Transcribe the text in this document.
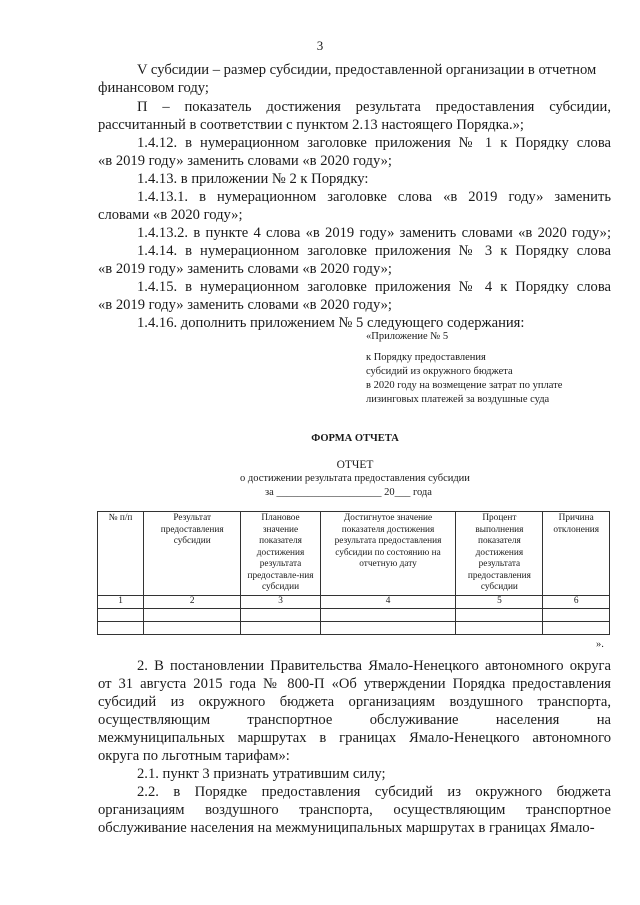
3
V субсидии – размер субсидии, предоставленной организации в отчетном
финансовом году;
П – показатель достижения результата предоставления субсидии,
рассчитанный в соответствии с пунктом 2.13 настоящего Порядка.»;
1.4.12. в нумерационном заголовке приложения № 1 к Порядку слова
«в 2019 году» заменить словами «в 2020 году»;
1.4.13. в приложении № 2 к Порядку:
1.4.13.1. в нумерационном заголовке слова «в 2019 году» заменить
словами «в 2020 году»;
1.4.13.2. в пункте 4 слова «в 2019 году» заменить словами «в 2020 году»;
1.4.14. в нумерационном заголовке приложения № 3 к Порядку слова
«в 2019 году» заменить словами «в 2020 году»;
1.4.15. в нумерационном заголовке приложения № 4 к Порядку слова
«в 2019 году» заменить словами «в 2020 году»;
1.4.16. дополнить приложением № 5 следующего содержания:
«Приложение № 5
к Порядку предоставления
субсидий из окружного бюджета
в 2020 году на возмещение затрат по уплате
лизинговых платежей за воздушные суда
ФОРМА ОТЧЕТА
ОТЧЕТ
о достижении результата предоставления субсидии
за ____________________ 20___ года
№ п/п	Результат предоставления субсидии	Плановое значение показателя достижения результата предоставле-ния субсидии	Достигнутое значение показателя достижения результата предоставления субсидии по состоянию на отчетную дату	Процент выполнения показателя достижения результата предоставления субсидии	Причина отклонения
1	2	3	4	5	6

».
2. В постановлении Правительства Ямало-Ненецкого автономного округа
от 31 августа 2015 года № 800-П «Об утверждении Порядка предоставления
субсидий из окружного бюджета организациям воздушного транспорта,
осуществляющим транспортное обслуживание населения на
межмуниципальных маршрутах в границах Ямало-Ненецкого автономного
округа по льготным тарифам»:
2.1. пункт 3 признать утратившим силу;
2.2. в Порядке предоставления субсидий из окружного бюджета
организациям воздушного транспорта, осуществляющим транспортное
обслуживание населения на межмуниципальных маршрутах в границах Ямало-
